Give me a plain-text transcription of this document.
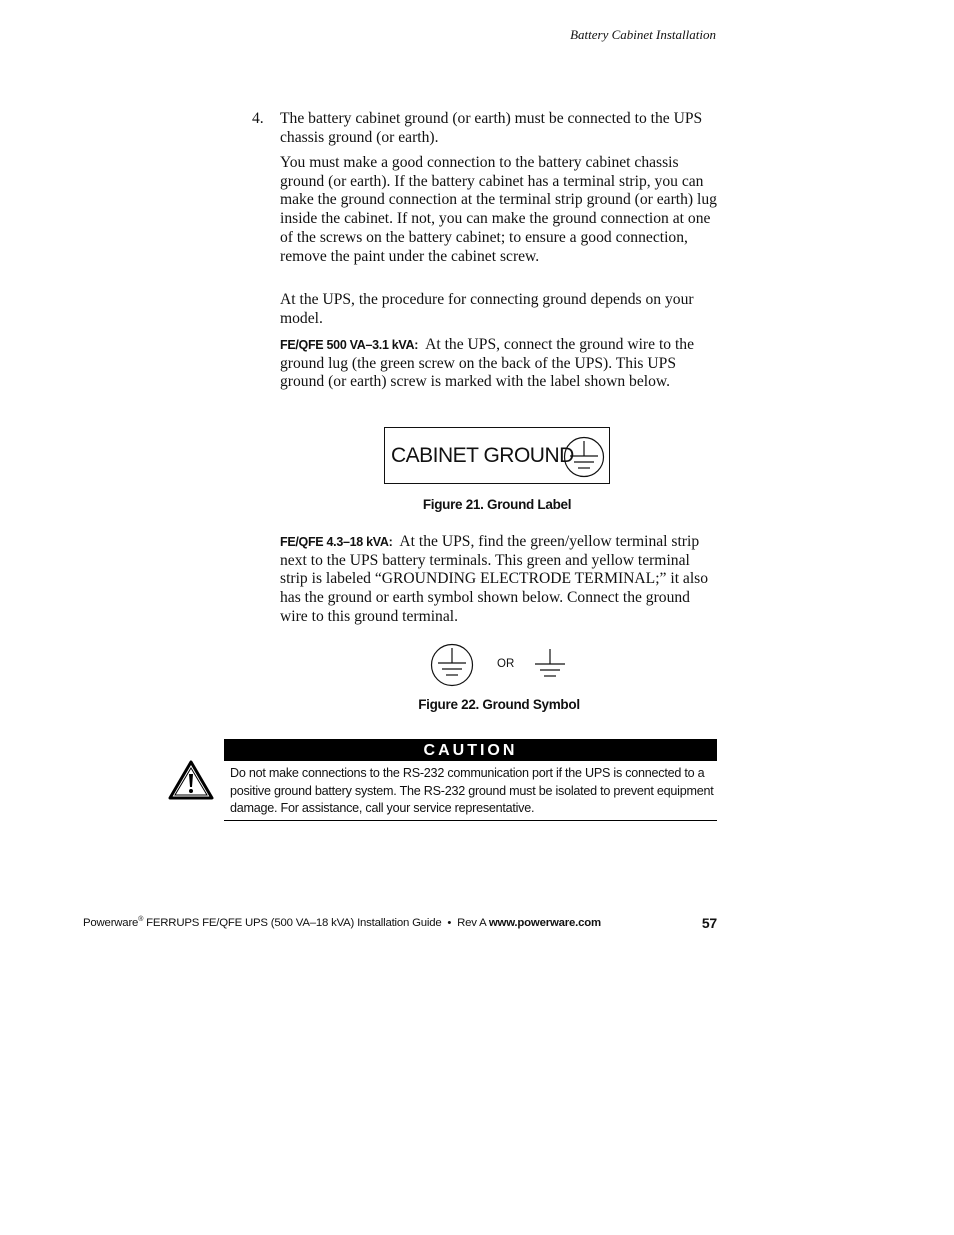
Battery Cabinet Installation
4. The battery cabinet ground (or earth) must be connected to the UPS chassis ground (or earth).
You must make a good connection to the battery cabinet chassis ground (or earth). If the battery cabinet has a terminal strip, you can make the ground connection at the terminal strip ground (or earth) lug inside the cabinet. If not, you can make the ground connection at one of the screws on the battery cabinet; to ensure a good connection, remove the paint under the cabinet screw.
At the UPS, the procedure for connecting ground depends on your model.
FE/QFE 500 VA–3.1 kVA: At the UPS, connect the ground wire to the ground lug (the green screw on the back of the UPS). This UPS ground (or earth) screw is marked with the label shown below.
CABINET GROUND
Figure 21. Ground Label
FE/QFE 4.3–18 kVA: At the UPS, find the green/yellow terminal strip next to the UPS battery terminals. This green and yellow terminal strip is labeled “GROUNDING ELECTRODE TERMINAL;” it also has the ground or earth symbol shown below. Connect the ground wire to this ground terminal.
OR
Figure 22. Ground Symbol
CAUTION
Do not make connections to the RS-232 communication port if the UPS is connected to a positive ground battery system. The RS-232 ground must be isolated to prevent equipment damage. For assistance, call your service representative.
Powerware® FERRUPS FE/QFE UPS (500 VA–18 kVA) Installation Guide  •  Rev A www.powerware.com	57
